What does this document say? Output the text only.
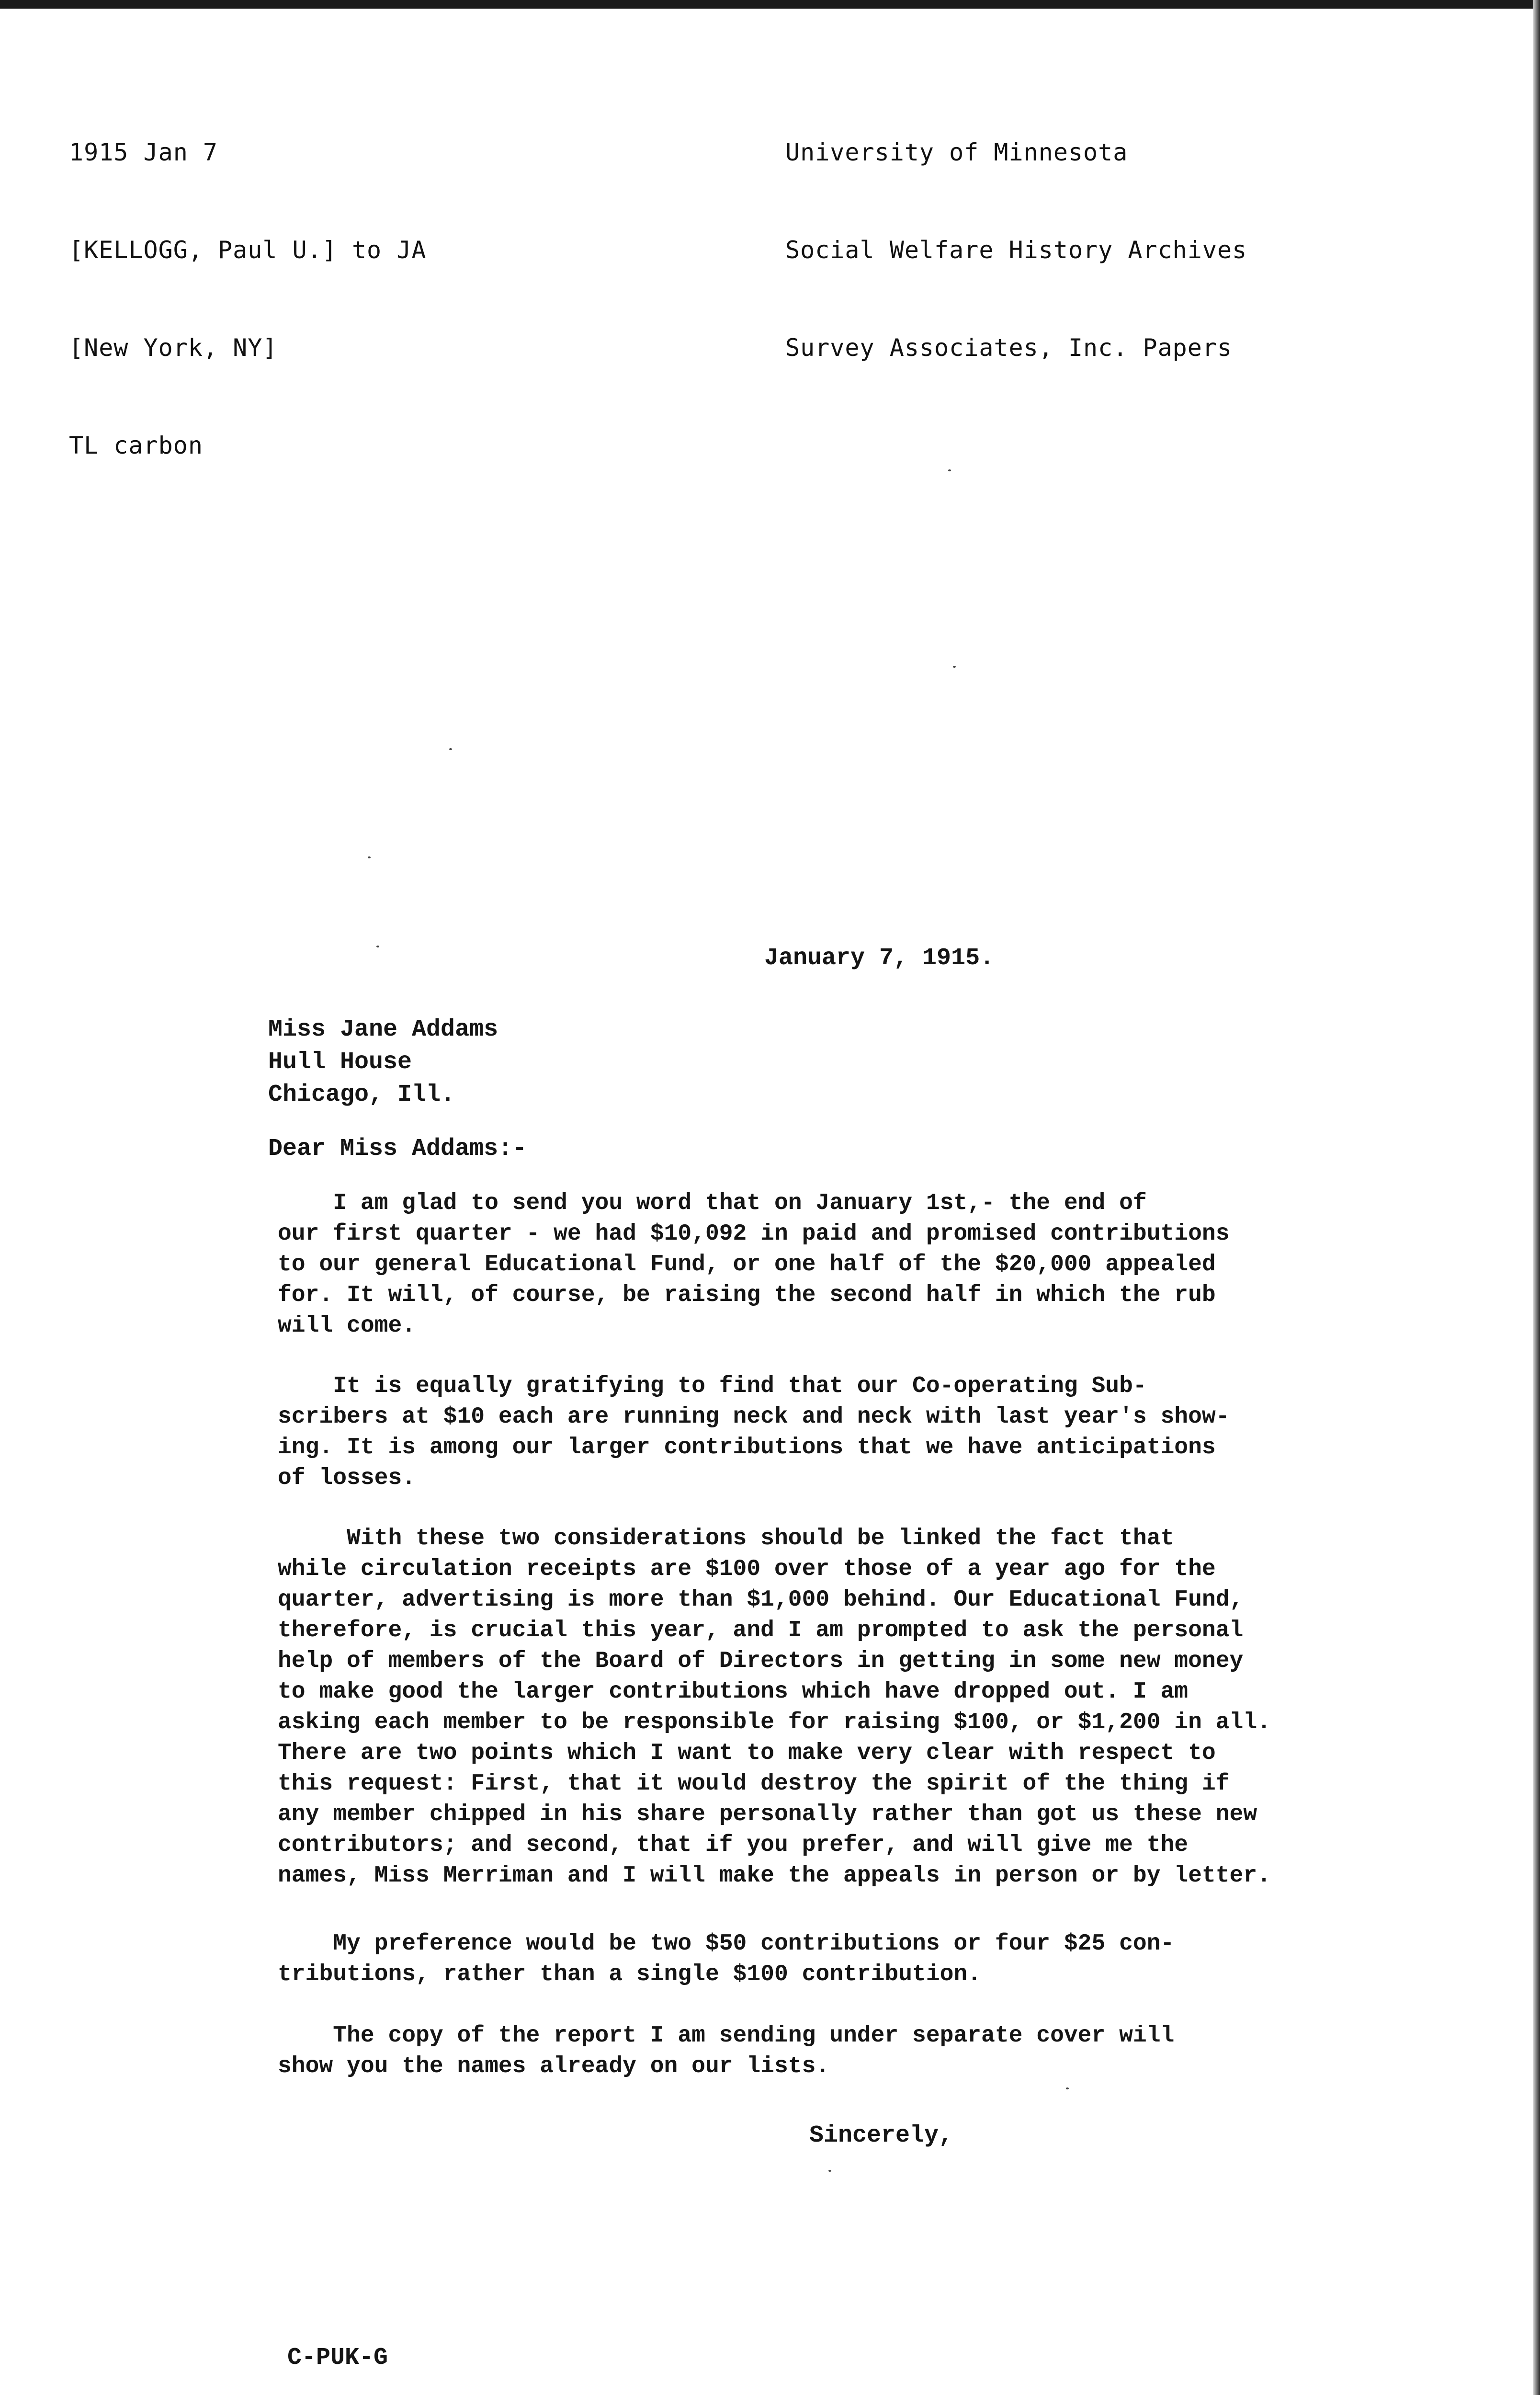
1915 Jan 7

[KELLOGG, Paul U.] to JA

[New York, NY]

TL carbon

University of Minnesota

Social Welfare History Archives

Survey Associates, Inc. Papers

January 7, 1915.
Miss Jane Addams
Hull House
Chicago, Ill.
Dear Miss Addams:-
I am glad to send you word that on January 1st,- the end of
our first quarter - we had $10,092 in paid and promised contributions
to our general Educational Fund, or one half of the $20,000 appealed
for. It will, of course, be raising the second half in which the rub
will come.
It is equally gratifying to find that our Co-operating Sub-
scribers at $10 each are running neck and neck with last year's show-
ing. It is among our larger contributions that we have anticipations
of losses.
With these two considerations should be linked the fact that
while circulation receipts are $100 over those of a year ago for the
quarter, advertising is more than $1,000 behind. Our Educational Fund,
therefore, is crucial this year, and I am prompted to ask the personal
help of members of the Board of Directors in getting in some new money
to make good the larger contributions which have dropped out. I am
asking each member to be responsible for raising $100, or $1,200 in all.
There are two points which I want to make very clear with respect to
this request: First, that it would destroy the spirit of the thing if
any member chipped in his share personally rather than got us these new
contributors; and second, that if you prefer, and will give me the
names, Miss Merriman and I will make the appeals in person or by letter.
My preference would be two $50 contributions or four $25 con-
tributions, rather than a single $100 contribution.
The copy of the report I am sending under separate cover will
show you the names already on our lists.
Sincerely,
C-PUK-G
